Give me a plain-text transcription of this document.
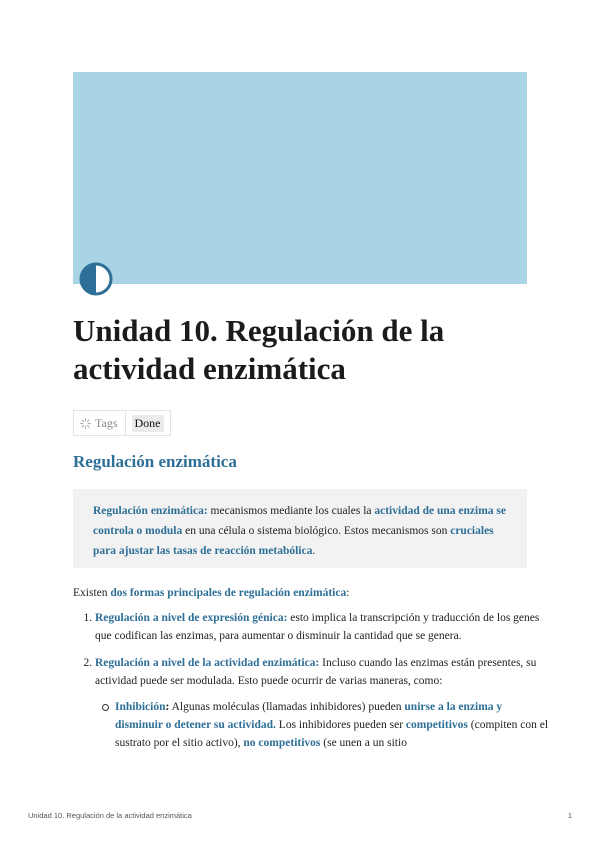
Unidad 10. Regulación de la actividad enzimática
Tags Done
Regulación enzimática
Regulación enzimática: mecanismos mediante los cuales la actividad de una enzima se controla o modula en una célula o sistema biológico. Estos mecanismos son cruciales para ajustar las tasas de reacción metabólica.

Existen dos formas principales de regulación enzimática:

1. Regulación a nivel de expresión génica: esto implica la transcripción y traducción de los genes que codifican las enzimas, para aumentar o disminuir la cantidad que se genera.
2. Regulación a nivel de la actividad enzimática: Incluso cuando las enzimas están presentes, su actividad puede ser modulada. Esto puede ocurrir de varias maneras, como:
Inhibición: Algunas moléculas (llamadas inhibidores) pueden unirse a la enzima y disminuir o detener su actividad. Los inhibidores pueden ser competitivos (compiten con el sustrato por el sitio activo), no competitivos (se unen a un sitio
Unidad 10. Regulación de la actividad enzimática	1
